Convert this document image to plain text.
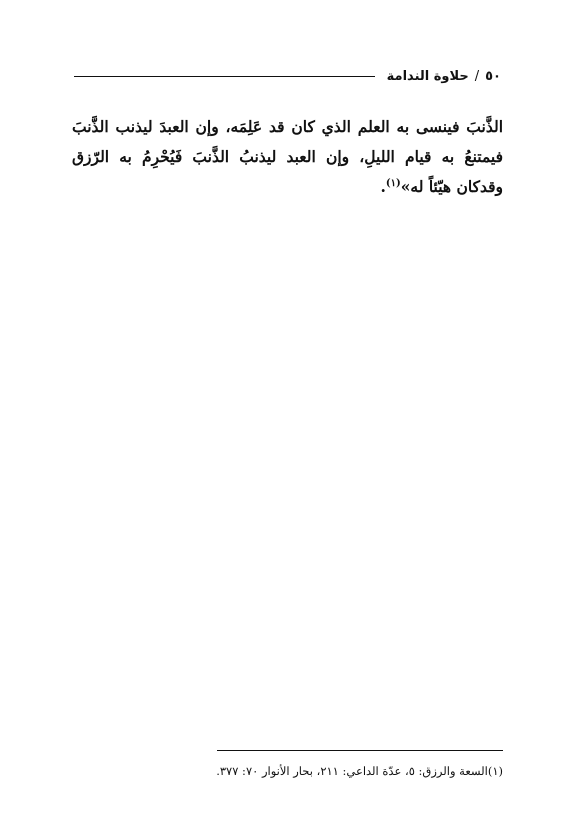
٥٠
/
حلاوة الندامة

الذَّنبَ فينسى به العلم الذي كان قد عَلِمَه، وإن العبدَ ليذنب الذَّنبَ فيمتنعُ به قيام الليلِ، وإن العبد ليذنبُ الذَّنبَ فَيُحْرِمُ به الرّزق وقدكان هيّئاً له»$^{(١)}$.

(١)السعة والرزق: ٥، عدّة الداعي: ٢١١، بحار الأنوار ٧٠: ٣٧٧.
